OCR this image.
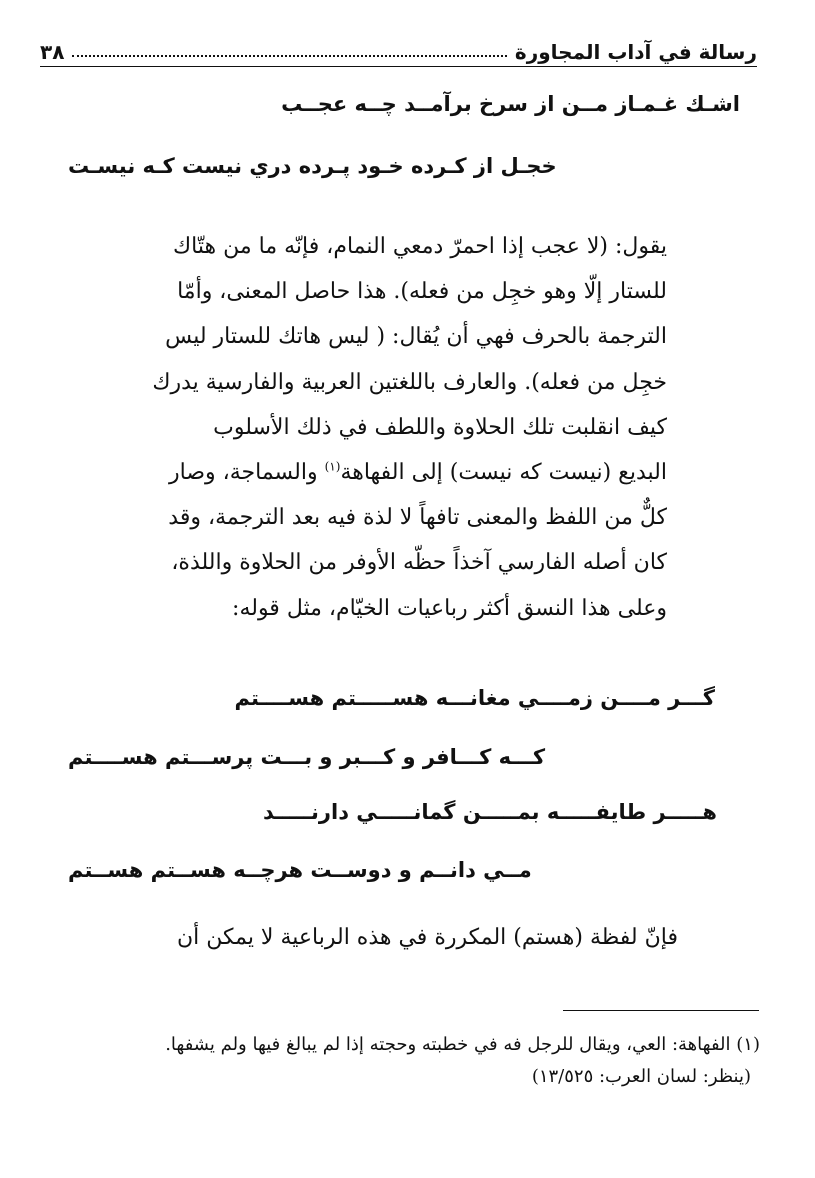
رسالة في آداب المجاورة
٣٨
اشـك غـمـاز مــن از سرخ برآمــد چــه عجــب
خجـل از كـرده خـود پـرده دري نيست كـه نيسـت
يقول: (لا عجب إذا احمرّ دمعي النمام، فإنّه ما من هتّاك
للستار إلّا وهو خجِل من فعله). هذا حاصل المعنى، وأمّا
الترجمة بالحرف فهي أن يُقال: ( ليس هاتك للستار ليس
خجِل من فعله). والعارف باللغتين العربية والفارسية يدرك
كيف انقلبت تلك الحلاوة واللطف في ذلك الأسلوب
البديع (نيست كه نيست) إلى الفهاهة$^{(١)}$ والسماجة، وصار
كلٌّ من اللفظ والمعنى تافهاً لا لذة فيه بعد الترجمة، وقد
كان أصله الفارسي آخذاً حظّه الأوفر من الحلاوة واللذة،
وعلى هذا النسق أكثر رباعيات الخيّام، مثل قوله:
گـــر مــــن زمــــي مغانـــه هســـــتم هســــتم
كـــه كـــافر و كـــبر و بـــت پرســـتم هســــتم
هـــــر طايفـــــه بمـــــن گمانـــــي دارنـــــد
مــي دانــم و دوســت هرچــه هســتم هســتم
فإنّ لفظة (هستم) المكررة في هذه الرباعية لا يمكن أن
(١) الفهاهة: العي، ويقال للرجل فه في خطبته وحجته إذا لم يبالغ فيها ولم يشفها.
(ينظر: لسان العرب: ١٣/٥٢٥)
